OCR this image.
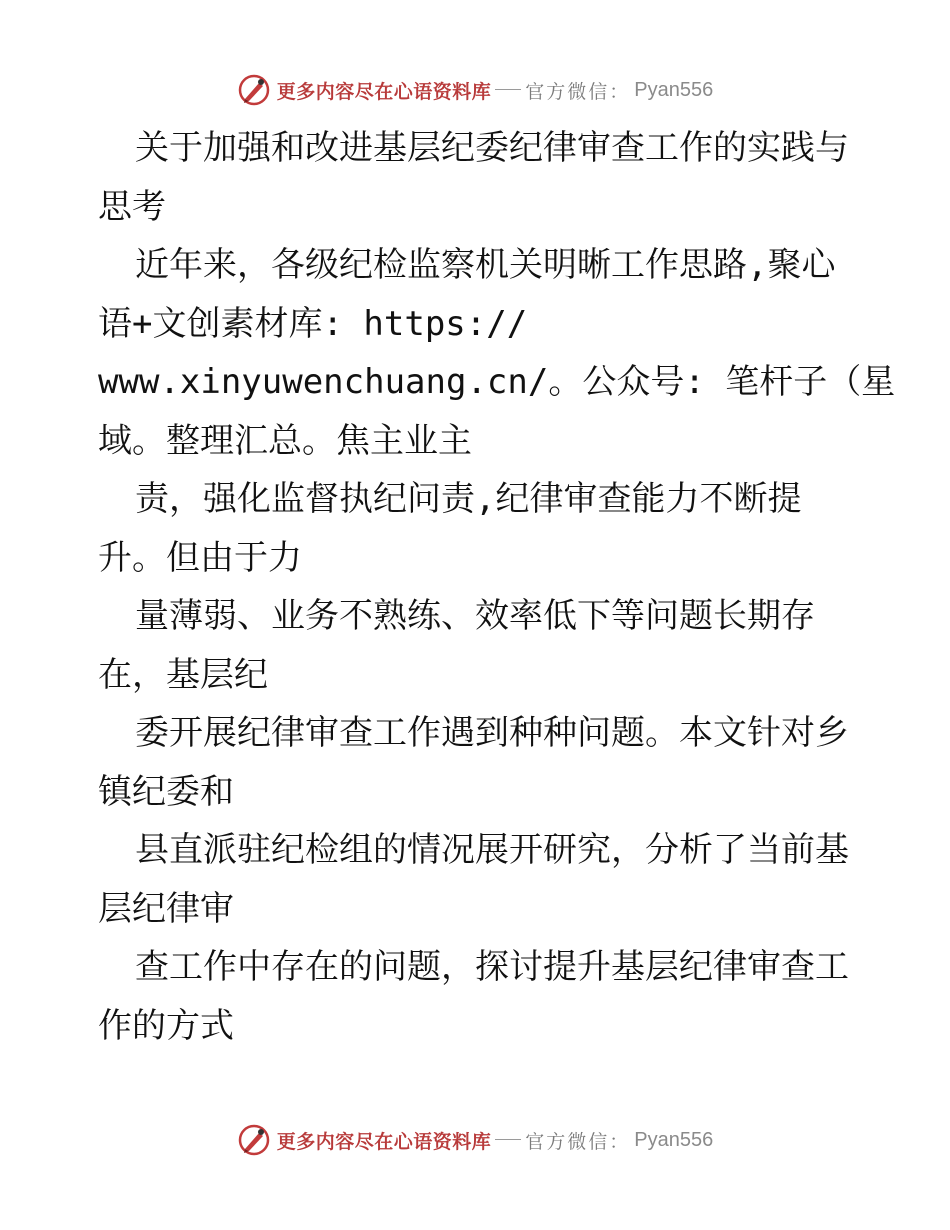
更多内容尽在心语资料库 官方微信： Pyan556
关于加强和改进基层纪委纪律审查工作的实践与
思考
近年来，各级纪检监察机关明晰工作思路,聚心
语+文创素材库: https://
www.xinyuwenchuang.cn/。公众号: 笔杆子（星
域。整理汇总。焦主业主
责，强化监督执纪问责,纪律审查能力不断提
升。但由于力
量薄弱、业务不熟练、效率低下等问题长期存
在，基层纪
委开展纪律审查工作遇到种种问题。本文针对乡
镇纪委和
县直派驻纪检组的情况展开研究，分析了当前基
层纪律审
查工作中存在的问题，探讨提升基层纪律审查工
作的方式
更多内容尽在心语资料库 官方微信： Pyan556
